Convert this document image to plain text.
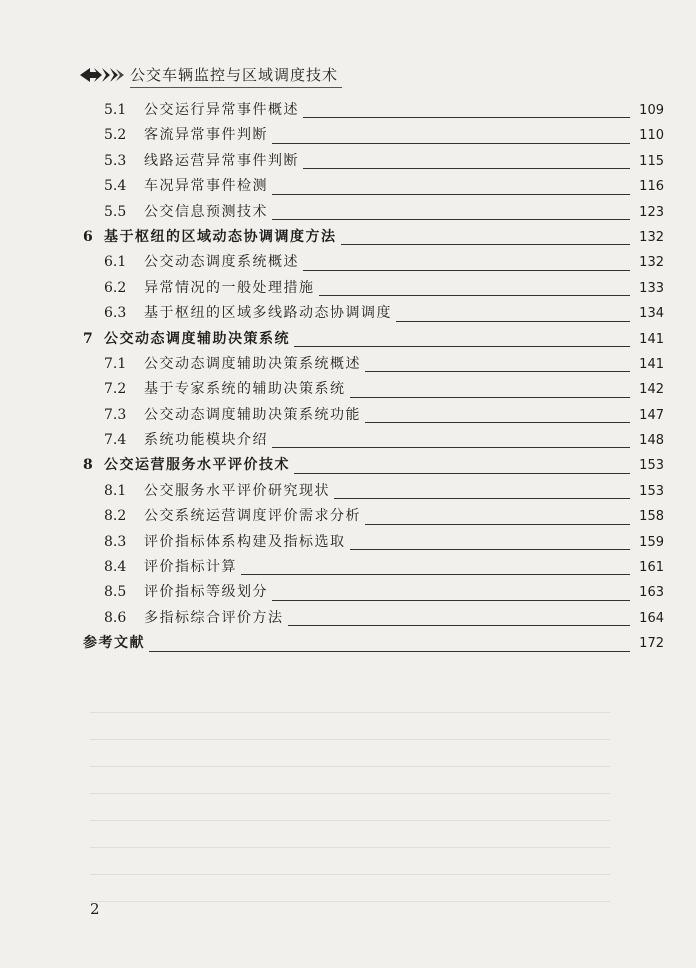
公交车辆监控与区域调度技术
5.1 公交运行异常事件概述	109
5.2 客流异常事件判断	110
5.3 线路运营异常事件判断	115
5.4 车况异常事件检测	116
5.5 公交信息预测技术	123
6 基于枢纽的区域动态协调调度方法	132
6.1 公交动态调度系统概述	132
6.2 异常情况的一般处理措施	133
6.3 基于枢纽的区域多线路动态协调调度	134
7 公交动态调度辅助决策系统	141
7.1 公交动态调度辅助决策系统概述	141
7.2 基于专家系统的辅助决策系统	142
7.3 公交动态调度辅助决策系统功能	147
7.4 系统功能模块介绍	148
8 公交运营服务水平评价技术	153
8.1 公交服务水平评价研究现状	153
8.2 公交系统运营调度评价需求分析	158
8.3 评价指标体系构建及指标选取	159
8.4 评价指标计算	161
8.5 评价指标等级划分	163
8.6 多指标综合评价方法	164
参考文献	172
2
